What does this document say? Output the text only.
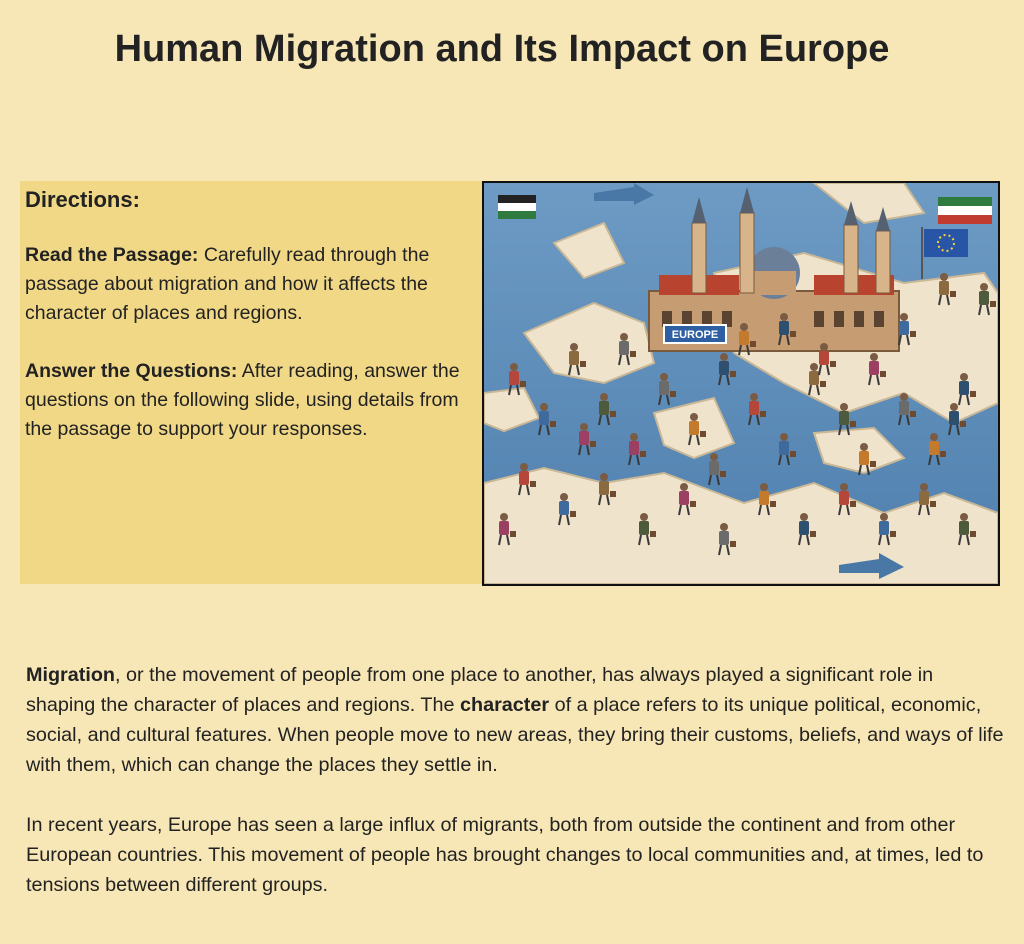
Human Migration and Its Impact on Europe
Directions:

Read the Passage: Carefully read through the passage about migration and how it affects the character of places and regions.

Answer the Questions: After reading, answer the questions on the following slide, using details from the passage to support your responses.

EUROPE

Migration, or the movement of people from one place to another, has always played a significant role in shaping the character of places and regions. The character of a place refers to its unique political, economic, social, and cultural features. When people move to new areas, they bring their customs, beliefs, and ways of life with them, which can change the places they settle in.

In recent years, Europe has seen a large influx of migrants, both from outside the continent and from other European countries. This movement of people has brought changes to local communities and, at times, led to tensions between different groups.
